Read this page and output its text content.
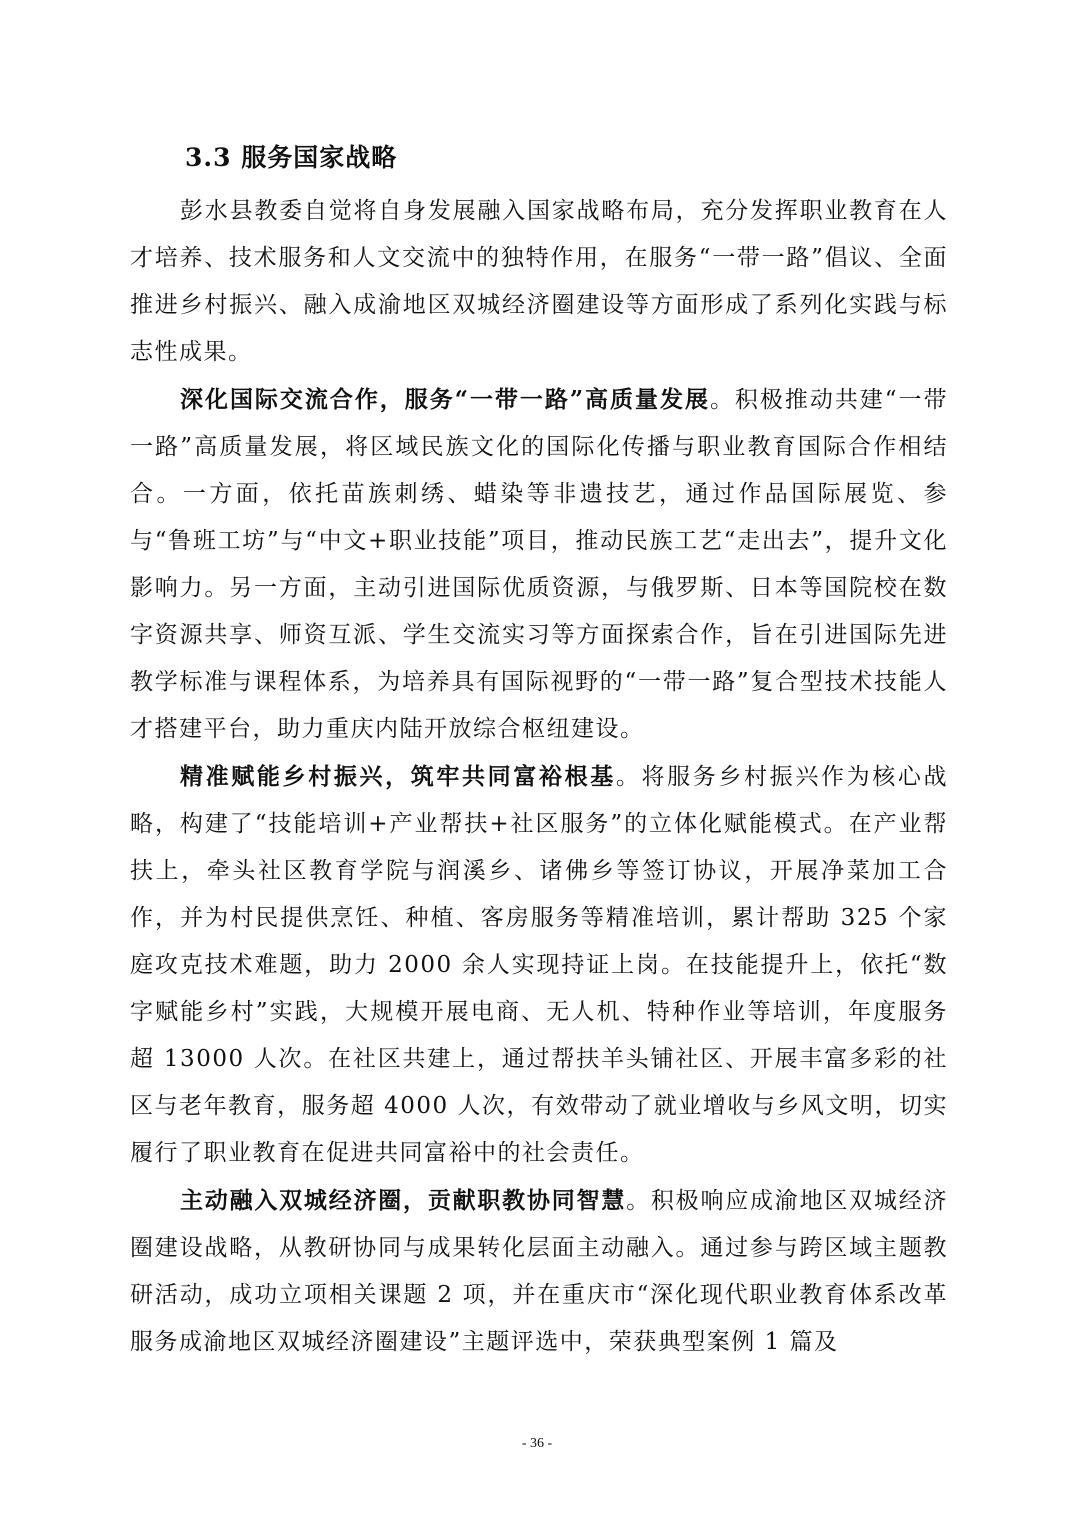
3.3 服务国家战略

彭水县教委自觉将自身发展融入国家战略布局，充分发挥职业教育在人才培养、技术服务和人文交流中的独特作用，在服务“一带一路”倡议、全面推进乡村振兴、融入成渝地区双城经济圈建设等方面形成了系列化实践与标志性成果。

深化国际交流合作，服务“一带一路”高质量发展。积极推动共建“一带一路”高质量发展，将区域民族文化的国际化传播与职业教育国际合作相结合。一方面，依托苗族刺绣、蜡染等非遗技艺，通过作品国际展览、参与“鲁班工坊”与“中文+职业技能”项目，推动民族工艺“走出去”，提升文化影响力。另一方面，主动引进国际优质资源，与俄罗斯、日本等国院校在数字资源共享、师资互派、学生交流实习等方面探索合作，旨在引进国际先进教学标准与课程体系，为培养具有国际视野的“一带一路”复合型技术技能人才搭建平台，助力重庆内陆开放综合枢纽建设。

精准赋能乡村振兴，筑牢共同富裕根基。将服务乡村振兴作为核心战略，构建了“技能培训+产业帮扶+社区服务”的立体化赋能模式。在产业帮扶上，牵头社区教育学院与润溪乡、诸佛乡等签订协议，开展净菜加工合作，并为村民提供烹饪、种植、客房服务等精准培训，累计帮助 325 个家庭攻克技术难题，助力 2000 余人实现持证上岗。在技能提升上，依托“数字赋能乡村”实践，大规模开展电商、无人机、特种作业等培训，年度服务超 13000 人次。在社区共建上，通过帮扶羊头铺社区、开展丰富多彩的社区与老年教育，服务超 4000 人次，有效带动了就业增收与乡风文明，切实履行了职业教育在促进共同富裕中的社会责任。

主动融入双城经济圈，贡献职教协同智慧。积极响应成渝地区双城经济圈建设战略，从教研协同与成果转化层面主动融入。通过参与跨区域主题教研活动，成功立项相关课题 2 项，并在重庆市“深化现代职业教育体系改革服务成渝地区双城经济圈建设”主题评选中，荣获典型案例 1 篇及

- 36 -
